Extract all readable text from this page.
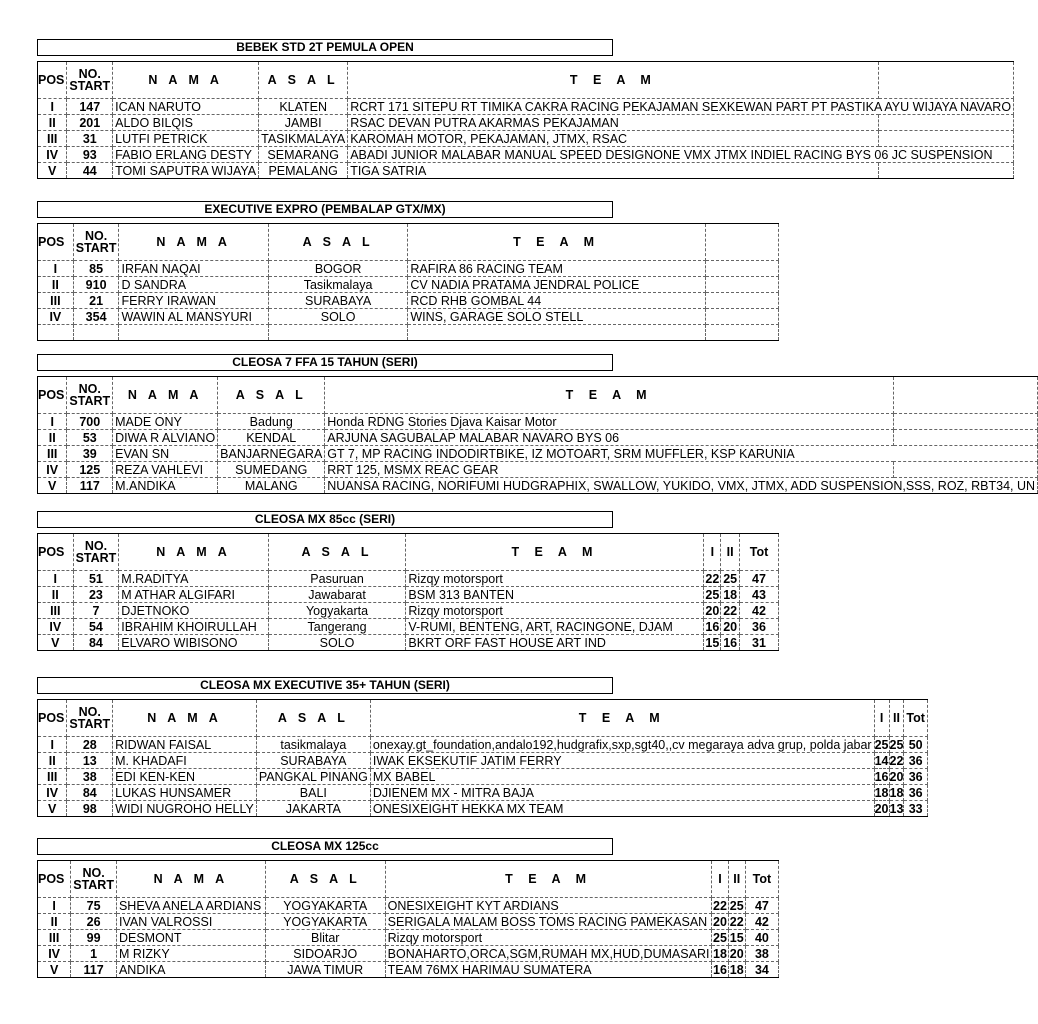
BEBEK STD 2T PEMULA OPEN
POS	NO. START	N A M A	A S A L	T E A M	
I	147	ICAN NARUTO	KLATEN	RCRT 171 SITEPU RT TIMIKA CAKRA RACING PEKAJAMAN SEXKEWAN PART PT PASTIKA AYU WIJAYA NAVARO	
II	201	ALDO BILQIS	JAMBI	RSAC DEVAN PUTRA AKARMAS PEKAJAMAN	
III	31	LUTFI PETRICK	TASIKMALAYA	KAROMAH MOTOR, PEKAJAMAN, JTMX, RSAC	
IV	93	FABIO ERLANG DESTY	SEMARANG	ABADI JUNIOR MALABAR MANUAL SPEED DESIGNONE VMX JTMX INDIEL RACING BYS 06 JC SUSPENSION	
V	44	TOMI SAPUTRA WIJAYA	PEMALANG	TIGA SATRIA	
EXECUTIVE EXPRO (PEMBALAP GTX/MX)
POS	NO. START	N A M A	A S A L	T E A M	
I	85	IRFAN NAQAI	BOGOR	RAFIRA 86 RACING TEAM	
II	910	D SANDRA	Tasikmalaya	CV NADIA PRATAMA JENDRAL POLICE	
III	21	FERRY IRAWAN	SURABAYA	RCD RHB GOMBAL 44	
IV	354	WAWIN AL MANSYURI	SOLO	WINS, GARAGE SOLO STELL	

CLEOSA 7 FFA 15 TAHUN (SERI)
POS	NO. START	N A M A	A S A L	T E A M	
I	700	MADE ONY	Badung	Honda RDNG Stories Djava Kaisar Motor	
II	53	DIWA R ALVIANO	KENDAL	ARJUNA SAGUBALAP MALABAR NAVARO BYS 06	
III	39	EVAN SN	BANJARNEGARA	GT 7, MP RACING INDODIRTBIKE, IZ MOTOART, SRM MUFFLER, KSP KARUNIA	
IV	125	REZA VAHLEVI	SUMEDANG	RRT 125, MSMX REAC GEAR	
V	117	M.ANDIKA	MALANG	NUANSA RACING, NORIFUMI HUDGRAPHIX, SWALLOW, YUKIDO, VMX, JTMX, ADD SUSPENSION,SSS, ROZ, RBT34, UN	
CLEOSA MX 85cc (SERI)
POS	NO. START	N A M A	A S A L	T E A M	I	II	Tot
I	51	M.RADITYA	Pasuruan	Rizqy motorsport	22	25	47
II	23	M ATHAR ALGIFARI	Jawabarat	BSM 313 BANTEN	25	18	43
III	7	DJETNOKO	Yogyakarta	Rizqy motorsport	20	22	42
IV	54	IBRAHIM KHOIRULLAH	Tangerang	V-RUMI, BENTENG, ART, RACINGONE, DJAM	16	20	36
V	84	ELVARO WIBISONO	SOLO	BKRT ORF FAST HOUSE ART IND	15	16	31
CLEOSA MX EXECUTIVE 35+ TAHUN (SERI)
POS	NO. START	N A M A	A S A L	T E A M	I	II	Tot
I	28	RIDWAN FAISAL	tasikmalaya	onexay.gt_foundation,andalo192,hudgrafix,sxp,sgt40,,cv megaraya adva grup, polda jabar	25	25	50
II	13	M. KHADAFI	SURABAYA	IWAK EKSEKUTIF JATIM FERRY	14	22	36
III	38	EDI KEN-KEN	PANGKAL PINANG	MX BABEL	16	20	36
IV	84	LUKAS HUNSAMER	BALI	DJIENEM MX - MITRA BAJA	18	18	36
V	98	WIDI NUGROHO HELLY	JAKARTA	ONESIXEIGHT HEKKA MX TEAM	20	13	33
CLEOSA MX 125cc
POS	NO. START	N A M A	A S A L	T E A M	I	II	Tot
I	75	SHEVA ANELA ARDIANS	YOGYAKARTA	ONESIXEIGHT KYT ARDIANS	22	25	47
II	26	IVAN VALROSSI	YOGYAKARTA	SERIGALA MALAM BOSS TOMS RACING PAMEKASAN	20	22	42
III	99	DESMONT	Blitar	Rizqy motorsport	25	15	40
IV	1	M RIZKY	SIDOARJO	BONAHARTO,ORCA,SGM,RUMAH MX,HUD,DUMASARI	18	20	38
V	117	ANDIKA	JAWA TIMUR	TEAM 76MX HARIMAU SUMATERA	16	18	34
